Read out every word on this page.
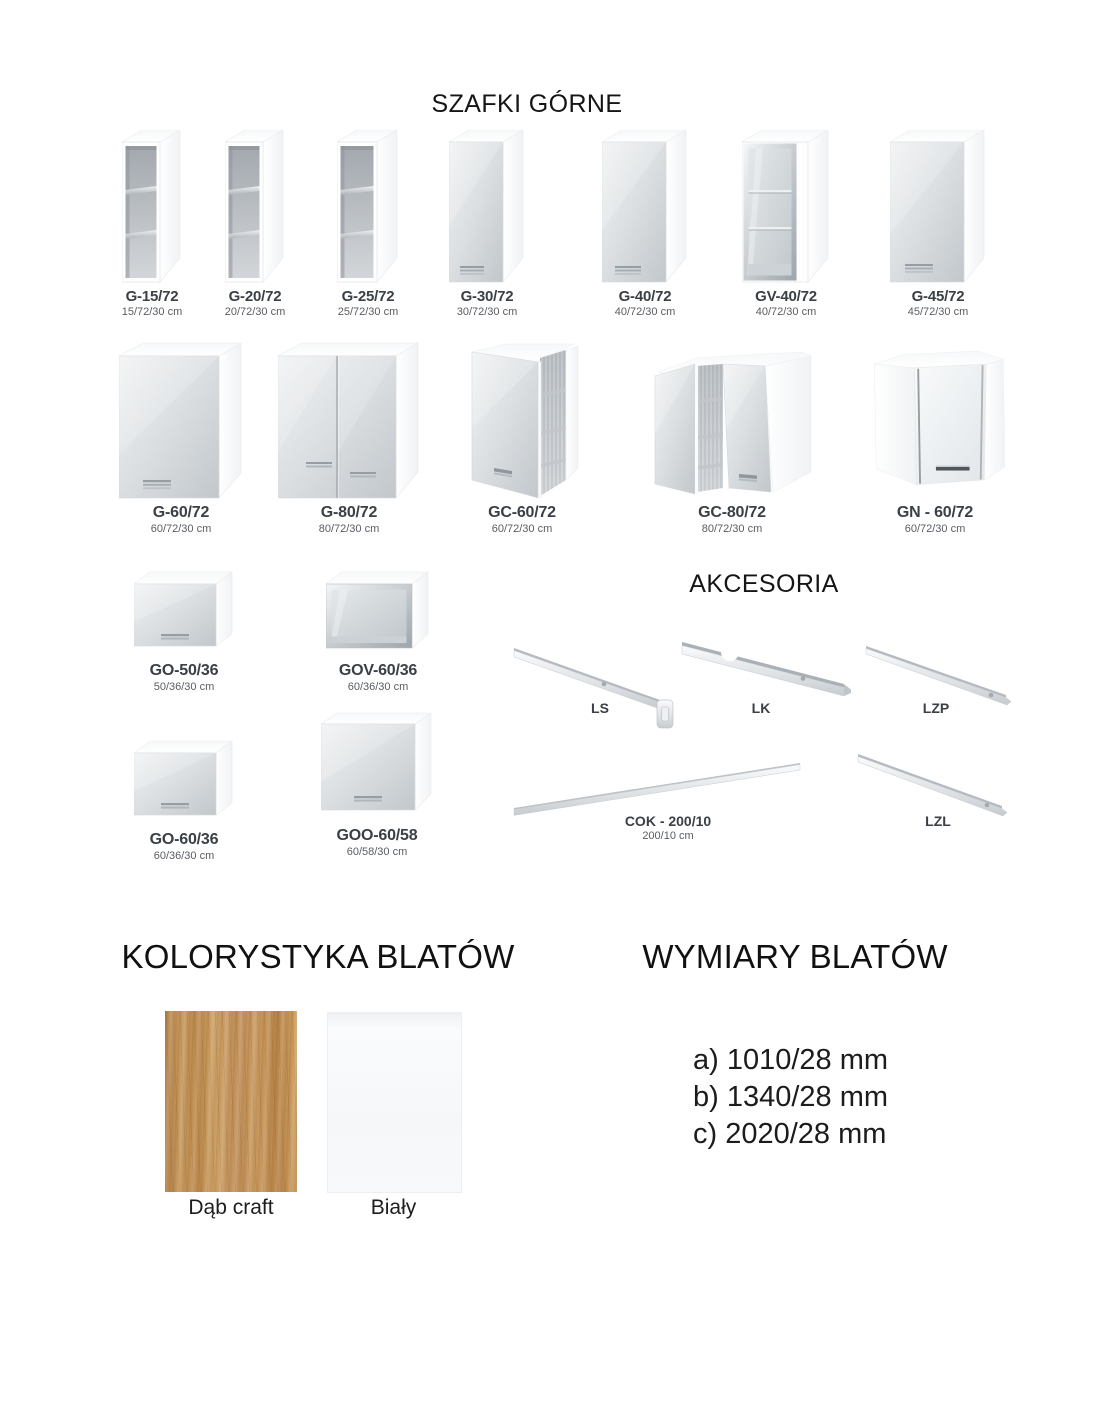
SZAFKI GÓRNE
AKCESORIA
KOLORYSTYKA BLATÓW	WYMIARY BLATÓW
G-15/72
15/72/30 cm
G-20/72
20/72/30 cm
G-25/72
25/72/30 cm
G-30/72
30/72/30 cm
G-40/72
40/72/30 cm
GV-40/72
40/72/30 cm
G-45/72
45/72/30 cm
G-60/72
60/72/30 cm
G-80/72
80/72/30 cm
GC-60/72
60/72/30 cm
GC-80/72
80/72/30 cm
GN - 60/72
60/72/30 cm
GO-50/36
50/36/30 cm
GOV-60/36
60/36/30 cm
GO-60/36
60/36/30 cm
GOO-60/58
60/58/30 cm
LS	LK	LZP
COK - 200/10
200/10 cm
LZL
Dąb craft	Biały
a) 1010/28 mm
b) 1340/28 mm
c) 2020/28 mm
